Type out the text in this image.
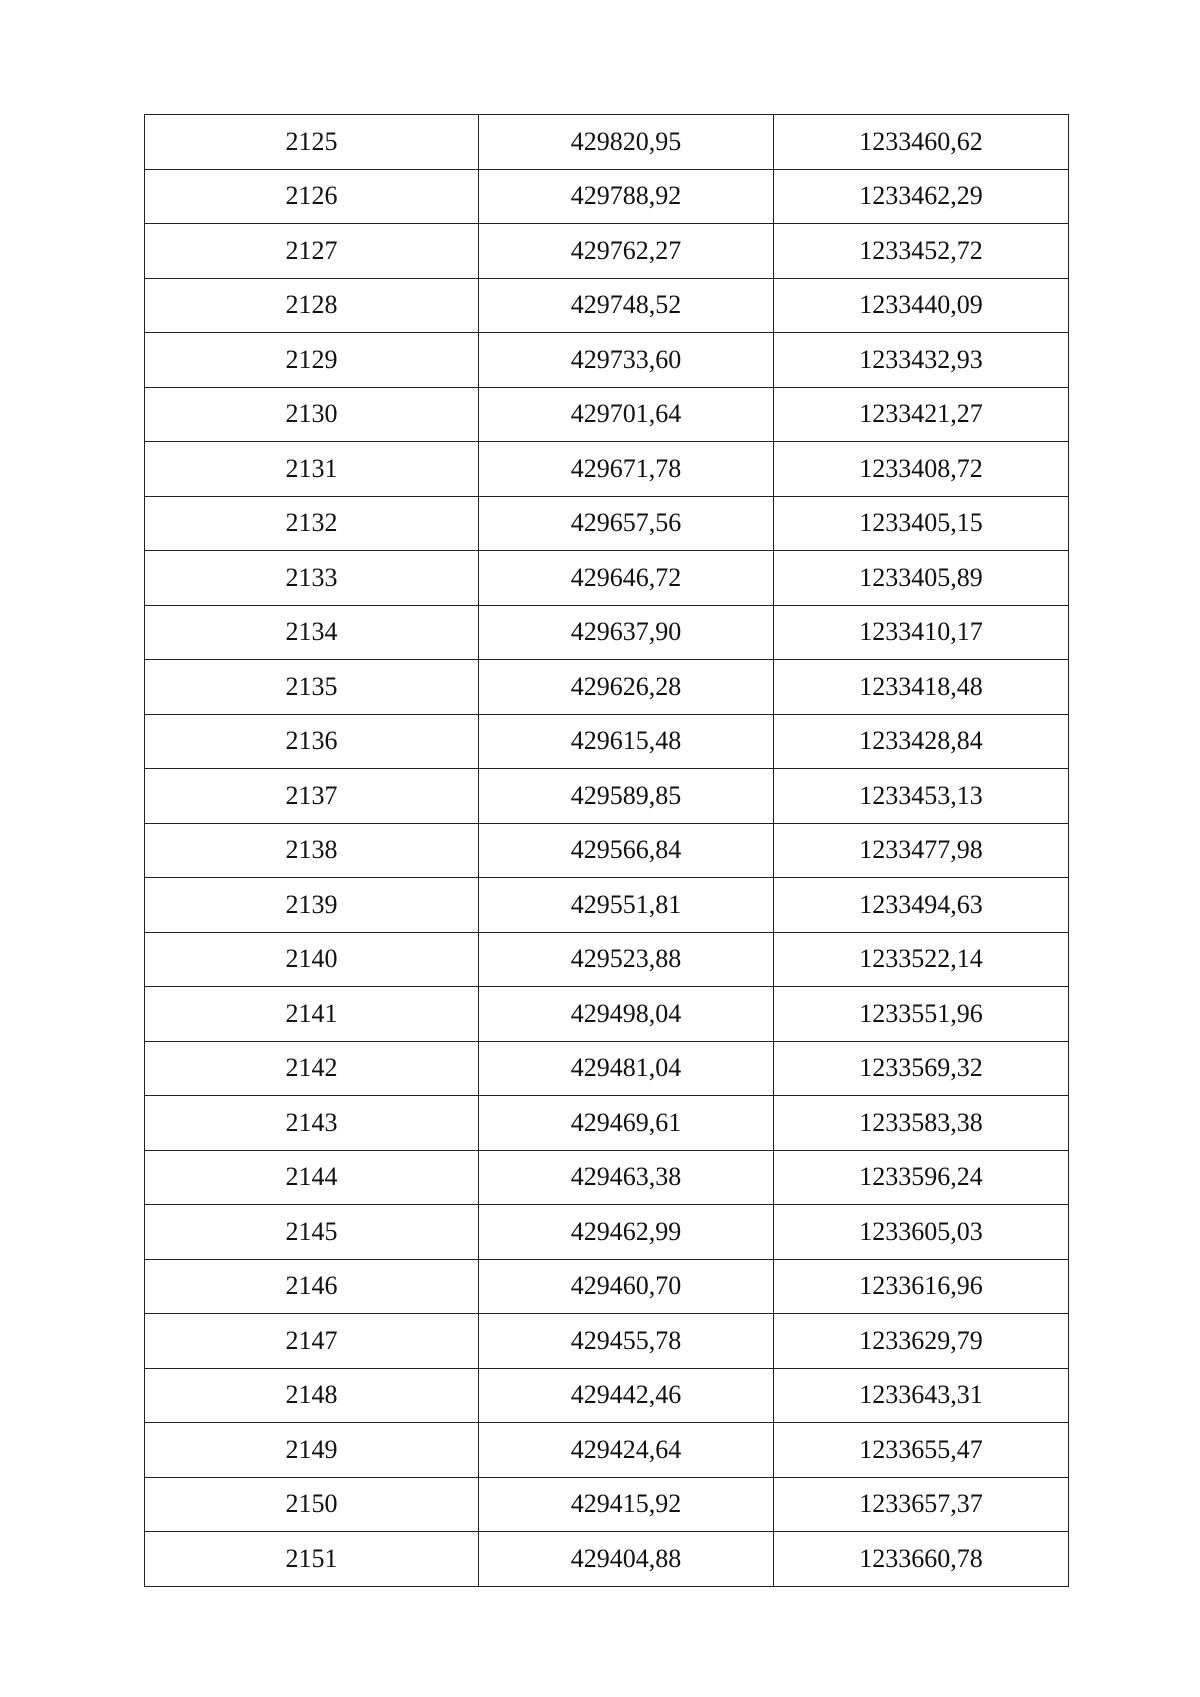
2125	429820,95	1233460,62
2126	429788,92	1233462,29
2127	429762,27	1233452,72
2128	429748,52	1233440,09
2129	429733,60	1233432,93
2130	429701,64	1233421,27
2131	429671,78	1233408,72
2132	429657,56	1233405,15
2133	429646,72	1233405,89
2134	429637,90	1233410,17
2135	429626,28	1233418,48
2136	429615,48	1233428,84
2137	429589,85	1233453,13
2138	429566,84	1233477,98
2139	429551,81	1233494,63
2140	429523,88	1233522,14
2141	429498,04	1233551,96
2142	429481,04	1233569,32
2143	429469,61	1233583,38
2144	429463,38	1233596,24
2145	429462,99	1233605,03
2146	429460,70	1233616,96
2147	429455,78	1233629,79
2148	429442,46	1233643,31
2149	429424,64	1233655,47
2150	429415,92	1233657,37
2151	429404,88	1233660,78
